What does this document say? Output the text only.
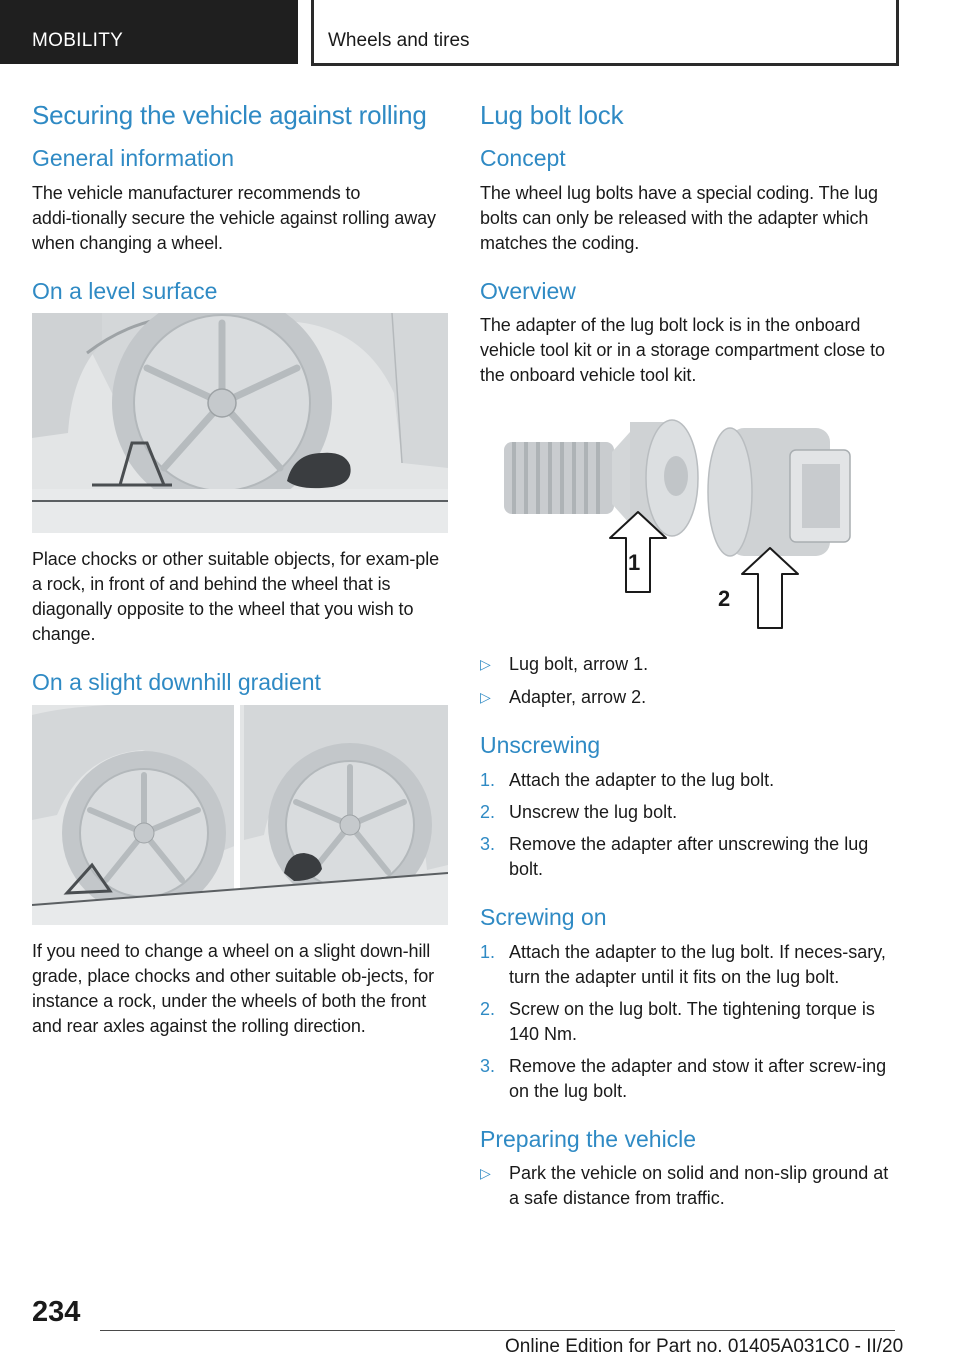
MOBILITY	Wheels and tires
Securing the vehicle against rolling
General information

The vehicle manufacturer recommends to addi‑tionally secure the vehicle against rolling away when changing a wheel.

On a level surface

Place chocks or other suitable objects, for exam‑ple a rock, in front of and behind the wheel that is diagonally opposite to the wheel that you wish to change.

On a slight downhill gradient

If you need to change a wheel on a slight down‑hill grade, place chocks and other suitable ob‑jects, for instance a rock, under the wheels of both the front and rear axles against the rolling direction.

Lug bolt lock
Concept

The wheel lug bolts have a special coding. The lug bolts can only be released with the adapter which matches the coding.

Overview

The adapter of the lug bolt lock is in the onboard vehicle tool kit or in a storage compartment close to the onboard vehicle tool kit.

1
2
▷ Lug bolt, arrow 1.
▷ Adapter, arrow 2.
Unscrewing
1. Attach the adapter to the lug bolt.
2. Unscrew the lug bolt.
3. Remove the adapter after unscrewing the lug bolt.
Screwing on
1. Attach the adapter to the lug bolt. If neces‑sary, turn the adapter until it fits on the lug bolt.
2. Screw on the lug bolt. The tightening torque is 140 Nm.
3. Remove the adapter and stow it after screw‑ing on the lug bolt.
Preparing the vehicle
▷ Park the vehicle on solid and non‑slip ground at a safe distance from traffic.
234
Online Edition for Part no. 01405A031C0 - II/20
